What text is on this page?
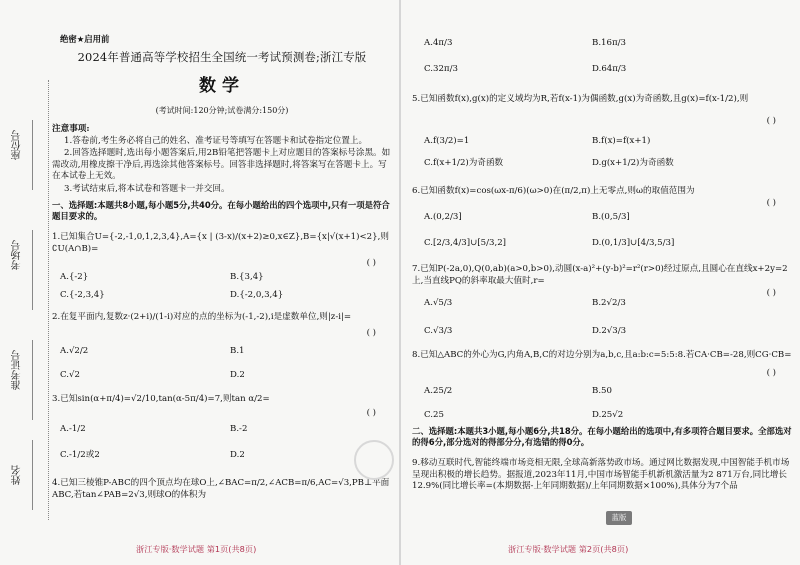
座位号
考场号
准考证号
姓名
绝密★启用前
2024年普通高等学校招生全国统一考试预测卷;浙江专版
数学
(考试时间:120分钟;试卷满分:150分)
注意事项:
1.答卷前,考生务必将自己的姓名、准考证号等填写在答题卡和试卷指定位置上。
2.回答选择题时,选出每小题答案后,用2B铅笔把答题卡上对应题目的答案标号涂黑。如需改动,用橡皮擦干净后,再选涂其他答案标号。回答非选择题时,将答案写在答题卡上。写在本试卷上无效。
3.考试结束后,将本试卷和答题卡一并交回。
一、选择题:本题共8小题,每小题5分,共40分。在每小题给出的四个选项中,只有一项是符合题目要求的。
1.已知集合U={-2,-1,0,1,2,3,4},A={x | (3-x)/(x+2)≥0,x∈Z},B={x|√(x+1)<2},则∁U(A∩B)=
( )
A.{-2}	B.{3,4}
C.{-2,3,4}	D.{-2,0,3,4}
2.在复平面内,复数z·(2+i)/(1-i)对应的点的坐标为(-1,-2),i是虚数单位,则|z-i|=
( )
A.√2/2	B.1
C.√2	D.2
3.已知sin(α+π/4)=√2/10,tan(α-5π/4)=7,则tan α/2=
( )
A.-1/2	B.-2
C.-1/2或2	D.2
4.已知三棱锥P-ABC的四个顶点均在球O上,∠BAC=π/2,∠ACB=π/6,AC=√3,PB⊥平面ABC,若tan∠PAB=2√3,则球O的体积为
浙江专版·数学试题 第1页(共8页)
A.4π/3	B.16π/3
C.32π/3	D.64π/3
5.已知函数f(x),g(x)的定义域均为R,若f(x-1)为偶函数,g(x)为奇函数,且g(x)=f(x-1/2),则
( )
A.f(3/2)=1	B.f(x)=f(x+1)
C.f(x+1/2)为奇函数	D.g(x+1/2)为奇函数
6.已知函数f(x)=cos(ωx-π/6)(ω>0)在(π/2,π)上无零点,则ω的取值范围为
( )
A.(0,2/3]	B.(0,5/3]
C.[2/3,4/3]∪[5/3,2]	D.(0,1/3]∪[4/3,5/3]
7.已知P(-2a,0),Q(0,ab)(a>0,b>0),动圆(x-a)²+(y-b)²=r²(r>0)经过原点,且圆心在直线x+2y=2上,当直线PQ的斜率取最大值时,r=
( )
A.√5/3	B.2√2/3
C.√3/3	D.2√3/3
8.已知△ABC的外心为G,内角A,B,C的对边分别为a,b,c,且a:b:c=5:5:8.若CA·CB=-28,则CG·CB=
( )
A.25/2	B.50
C.25	D.25√2
二、选择题:本题共3小题,每小题6分,共18分。在每小题给出的选项中,有多项符合题目要求。全部选对的得6分,部分选对的得部分分,有选错的得0分。
9.移动互联时代,智能终端市场竞相无限,全球高新落势政市场。通过网比数据发现,中国智能手机市场呈现出积极的增长趋势。据报道,2023年11月,中国市场智能手机新机激活量为2 871万台,同比增长12.9%(同比增长率=(本期数据-上年同期数据)/上年同期数据×100%),具体分为7个品
浙江专版·数学试题 第2页(共8页)
蓝版
